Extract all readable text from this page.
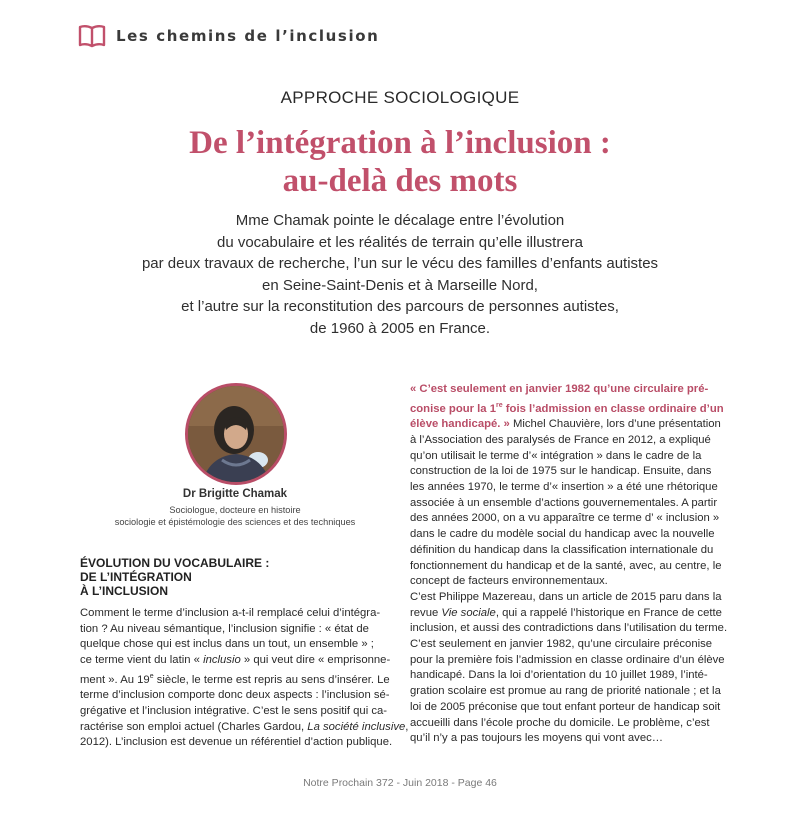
Les chemins de l’inclusion
APPROCHE SOCIOLOGIQUE
De l’intégration à l’inclusion :
au-delà des mots
Mme Chamak pointe le décalage entre l’évolution
du vocabulaire et les réalités de terrain qu’elle illustrera
par deux travaux de recherche, l’un sur le vécu des familles d’enfants autistes
en Seine-Saint-Denis et à Marseille Nord,
et l’autre sur la reconstitution des parcours de personnes autistes,
de 1960 à 2005 en France.
Dr Brigitte Chamak
Sociologue, docteure en histoire
sociologie et épistémologie des sciences et des techniques
ÉVOLUTION DU VOCABULAIRE :
DE L’INTÉGRATION
À L’INCLUSION
Comment le terme d’inclusion a-t-il remplacé celui d’intégra-
tion ? Au niveau sémantique, l’inclusion signifie : « état de
quelque chose qui est inclus dans un tout, un ensemble » ;
ce terme vient du latin « inclusio » qui veut dire « emprisonne-
ment ». Au 19e siècle, le terme est repris au sens d’insérer. Le
terme d’inclusion comporte donc deux aspects : l’inclusion sé-
grégative et l’inclusion intégrative. C’est le sens positif qui ca-
ractérise son emploi actuel (Charles Gardou, La société inclusive,
2012). L’inclusion est devenue un référentiel d’action publique.
« C’est seulement en janvier 1982 qu’une circulaire pré-
conise pour la 1re fois l’admission en classe ordinaire d’un
élève handicapé. » Michel Chauvière, lors d’une présentation
à l’Association des paralysés de France en 2012, a expliqué
qu’on utilisait le terme d’« intégration » dans le cadre de la
construction de la loi de 1975 sur le handicap. Ensuite, dans
les années 1970, le terme d’« insertion » a été une rhétorique
associée à un ensemble d’actions gouvernementales. A partir
des années 2000, on a vu apparaître ce terme d’ « inclusion »
dans le cadre du modèle social du handicap avec la nouvelle
définition du handicap dans la classification internationale du
fonctionnement du handicap et de la santé, avec, au centre, le
concept de facteurs environnementaux.
C’est Philippe Mazereau, dans un article de 2015 paru dans la
revue Vie sociale, qui a rappelé l’historique en France de cette
inclusion, et aussi des contradictions dans l’utilisation du terme.
C’est seulement en janvier 1982, qu’une circulaire préconise
pour la première fois l’admission en classe ordinaire d’un élève
handicapé. Dans la loi d’orientation du 10 juillet 1989, l’inté-
gration scolaire est promue au rang de priorité nationale ; et la
loi de 2005 préconise que tout enfant porteur de handicap soit
accueilli dans l’école proche du domicile. Le problème, c’est
qu’il n’y a pas toujours les moyens qui vont avec…
Notre Prochain 372 - Juin 2018 - Page 46
